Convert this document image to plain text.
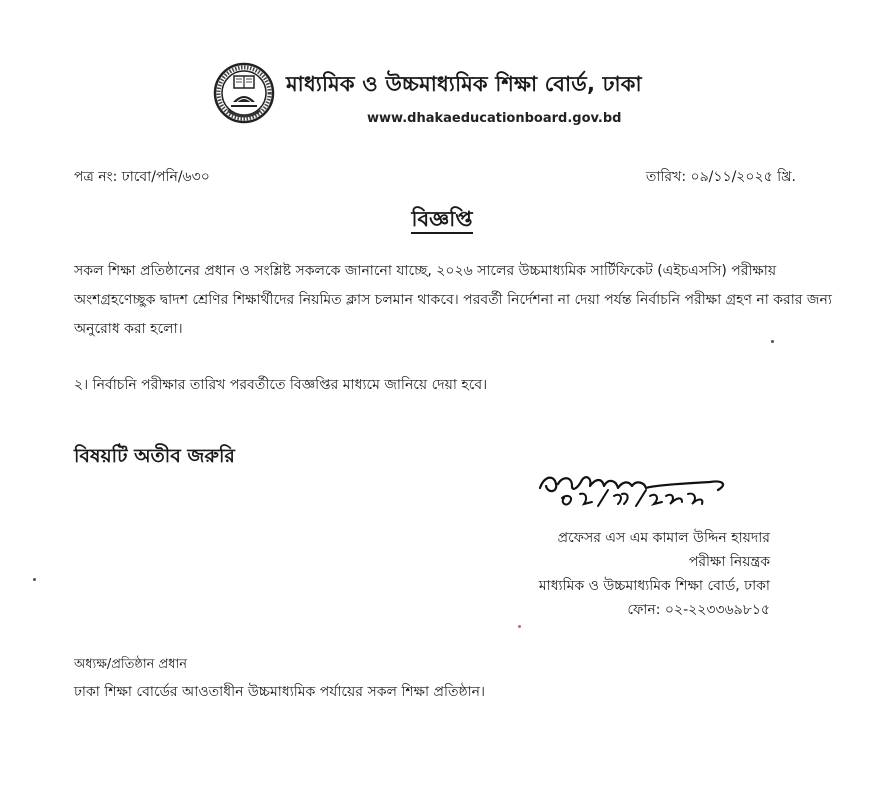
মাধ্যমিক ও উচ্চমাধ্যমিক শিক্ষা বোর্ড, ঢাকা
www.dhakaeducationboard.gov.bd
পত্র নং: ঢাবো/পনি/৬৩০	তারিখ: ০৯/১১/২০২৫ খ্রি.
বিজ্ঞপ্তি
সকল শিক্ষা প্রতিষ্ঠানের প্রধান ও সংশ্লিষ্ট সকলকে জানানো যাচ্ছে, ২০২৬ সালের উচ্চমাধ্যমিক সার্টিফিকেট (এইচএসসি) পরীক্ষায় অংশগ্রহণেচ্ছুক দ্বাদশ শ্রেণির শিক্ষার্থীদের নিয়মিত ক্লাস চলমান থাকবে। পরবর্তী নির্দেশনা না দেয়া পর্যন্ত নির্বাচনি পরীক্ষা গ্রহণ না করার জন্য অনুরোধ করা হলো।
২। নির্বাচনি পরীক্ষার তারিখ পরবর্তীতে বিজ্ঞপ্তির মাধ্যমে জানিয়ে দেয়া হবে।
বিষয়টি অতীব জরুরি
প্রফেসর এস এম কামাল উদ্দিন হায়দার
পরীক্ষা নিয়ন্ত্রক
মাধ্যমিক ও উচ্চমাধ্যমিক শিক্ষা বোর্ড, ঢাকা
ফোন: ০২-২২৩৩৬৯৮১৫
অধ্যক্ষ/প্রতিষ্ঠান প্রধান
ঢাকা শিক্ষা বোর্ডের আওতাধীন উচ্চমাধ্যমিক পর্যায়ের সকল শিক্ষা প্রতিষ্ঠান।
